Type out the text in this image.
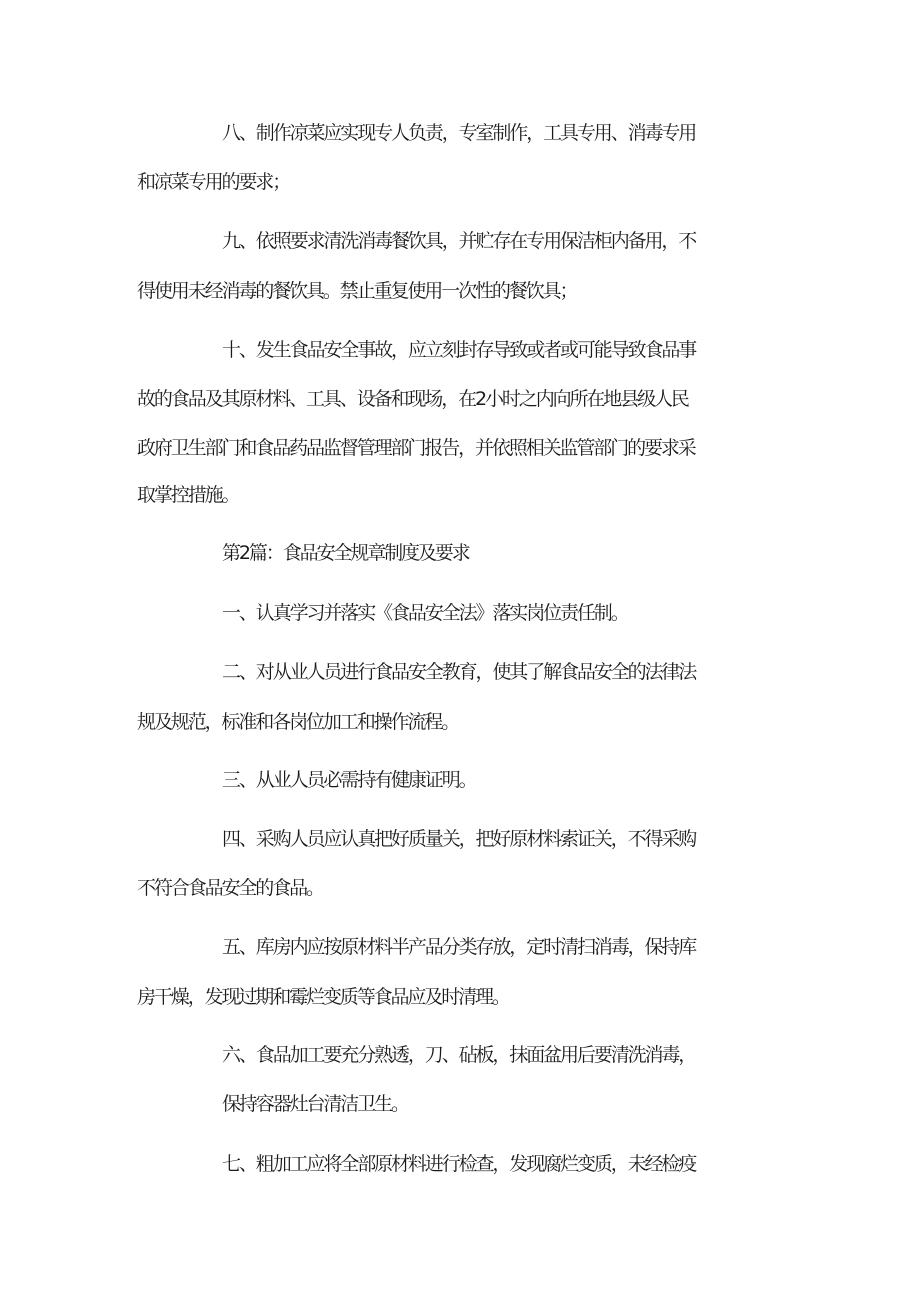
八、制作凉菜应实现专人负责，专室制作，工具专用、消毒专用
和凉菜专用的要求；
九、依照要求清洗消毒餐饮具，并贮存在专用保洁柜内备用，不
得使用未经消毒的餐饮具。禁止重复使用一次性的餐饮具；
十、发生食品安全事故，应立刻封存导致或者或可能导致食品事
故的食品及其原材料、工具、设备和现场，在2小时之内向所在地县级人民
政府卫生部门和食品药品监督管理部门报告，并依照相关监管部门的要求采
取掌控措施。
第2篇：食品安全规章制度及要求
一、认真学习并落实《食品安全法》落实岗位责任制。
二、对从业人员进行食品安全教育，使其了解食品安全的法律法
规及规范，标准和各岗位加工和操作流程。
三、从业人员必需持有健康证明。
四、采购人员应认真把好质量关，把好原材料索证关，不得采购
不符合食品安全的食品。
五、库房内应按原材料半产品分类存放，定时清扫消毒，保持库
房干燥，发现过期和霉烂变质等食品应及时清理。
六、食品加工要充分熟透，刀、砧板，抹面盆用后要清洗消毒，
保持容器灶台清洁卫生。
七、粗加工应将全部原材料进行检查，发现腐烂变质，未经检疫
